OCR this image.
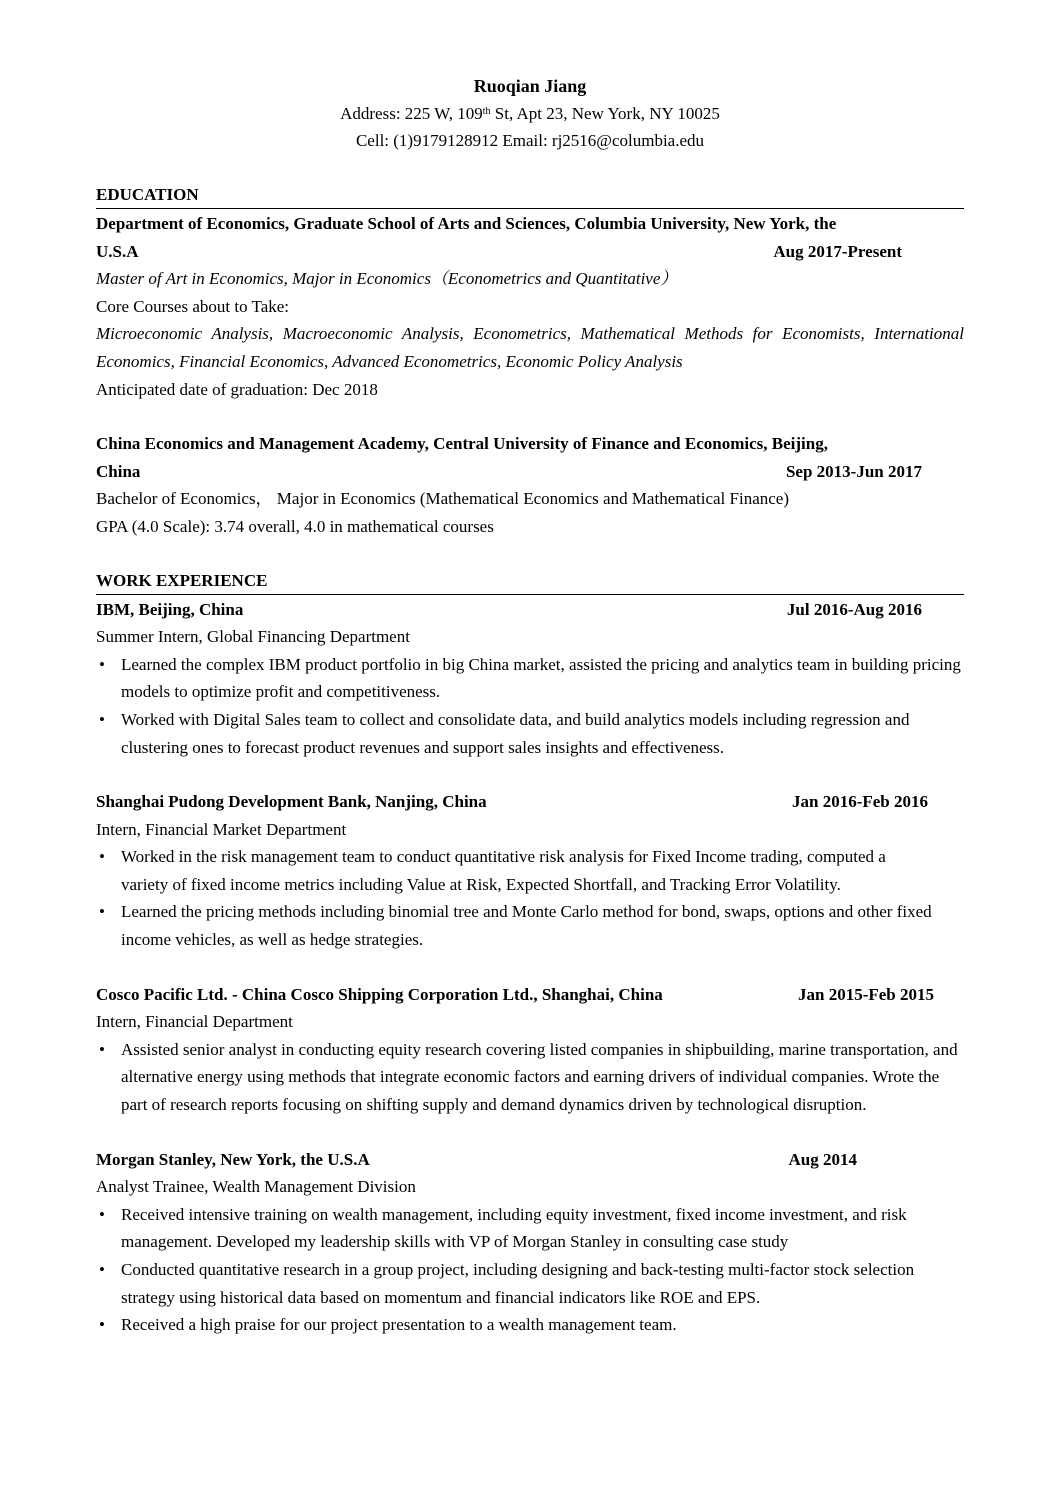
Ruoqian Jiang
Address: 225 W, 109th St, Apt 23, New York, NY 10025
Cell: (1)9179128912 Email: rj2516@columbia.edu
EDUCATION
Department of Economics, Graduate School of Arts and Sciences, Columbia University, New York, the
U.S.A	Aug 2017-Present
Master of Art in Economics, Major in Economics（Econometrics and Quantitative）
Core Courses about to Take:
Microeconomic Analysis, Macroeconomic Analysis, Econometrics, Mathematical Methods for Economists, International Economics, Financial Economics, Advanced Econometrics, Economic Policy Analysis
Anticipated date of graduation: Dec 2018
China Economics and Management Academy, Central University of Finance and Economics, Beijing,
China	Sep 2013-Jun 2017
Bachelor of Economics， Major in Economics (Mathematical Economics and Mathematical Finance)
GPA (4.0 Scale): 3.74 overall, 4.0 in mathematical courses
WORK EXPERIENCE
IBM, Beijing, China	Jul 2016-Aug 2016
Summer Intern, Global Financing Department
• Learned the complex IBM product portfolio in big China market, assisted the pricing and analytics team in building pricing models to optimize profit and competitiveness.
• Worked with Digital Sales team to collect and consolidate data, and build analytics models including regression and clustering ones to forecast product revenues and support sales insights and effectiveness.
Shanghai Pudong Development Bank, Nanjing, China	Jan 2016-Feb 2016
Intern, Financial Market Department
• Worked in the risk management team to conduct quantitative risk analysis for Fixed Income trading, computed a variety of fixed income metrics including Value at Risk, Expected Shortfall, and Tracking Error Volatility.
• Learned the pricing methods including binomial tree and Monte Carlo method for bond, swaps, options and other fixed income vehicles, as well as hedge strategies.
Cosco Pacific Ltd. - China Cosco Shipping Corporation Ltd., Shanghai, China	Jan 2015-Feb 2015
Intern, Financial Department
• Assisted senior analyst in conducting equity research covering listed companies in shipbuilding, marine transportation, and alternative energy using methods that integrate economic factors and earning drivers of individual companies. Wrote the part of research reports focusing on shifting supply and demand dynamics driven by technological disruption.
Morgan Stanley, New York, the U.S.A	Aug 2014
Analyst Trainee, Wealth Management Division
• Received intensive training on wealth management, including equity investment, fixed income investment, and risk management. Developed my leadership skills with VP of Morgan Stanley in consulting case study
• Conducted quantitative research in a group project, including designing and back-testing multi-factor stock selection strategy using historical data based on momentum and financial indicators like ROE and EPS.
• Received a high praise for our project presentation to a wealth management team.
